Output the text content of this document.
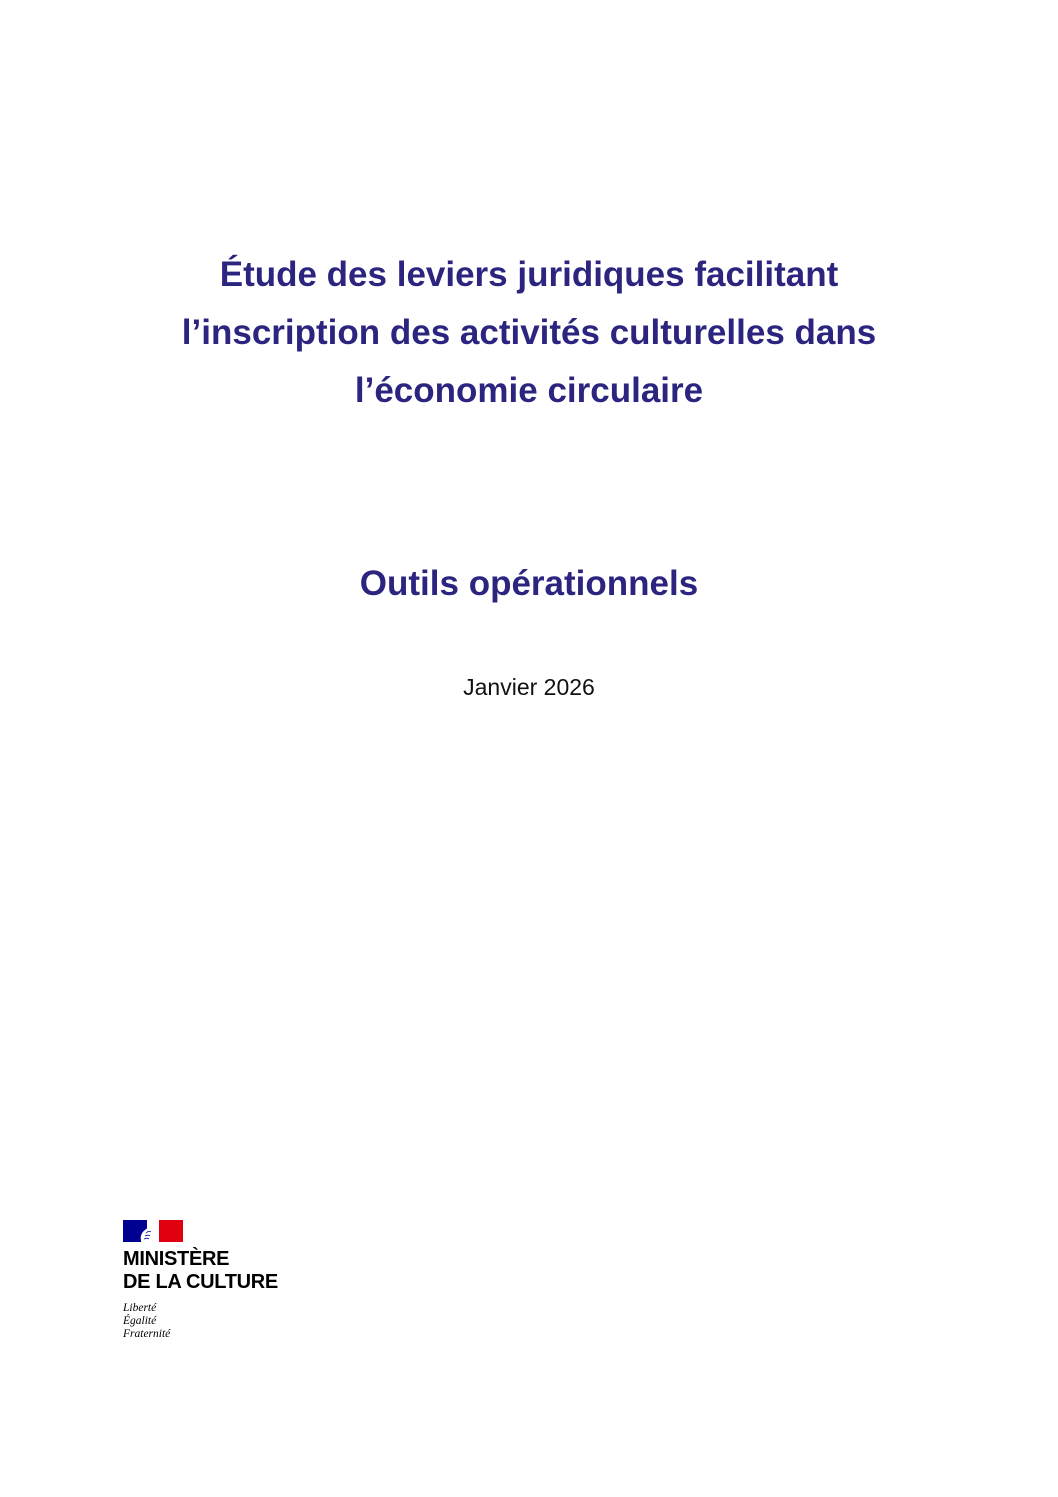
Étude des leviers juridiques facilitant
l’inscription des activités culturelles dans
l’économie circulaire
Outils opérationnels
Janvier 2026
MINISTÈRE
DE LA CULTURE
Liberté
Égalité
Fraternité
